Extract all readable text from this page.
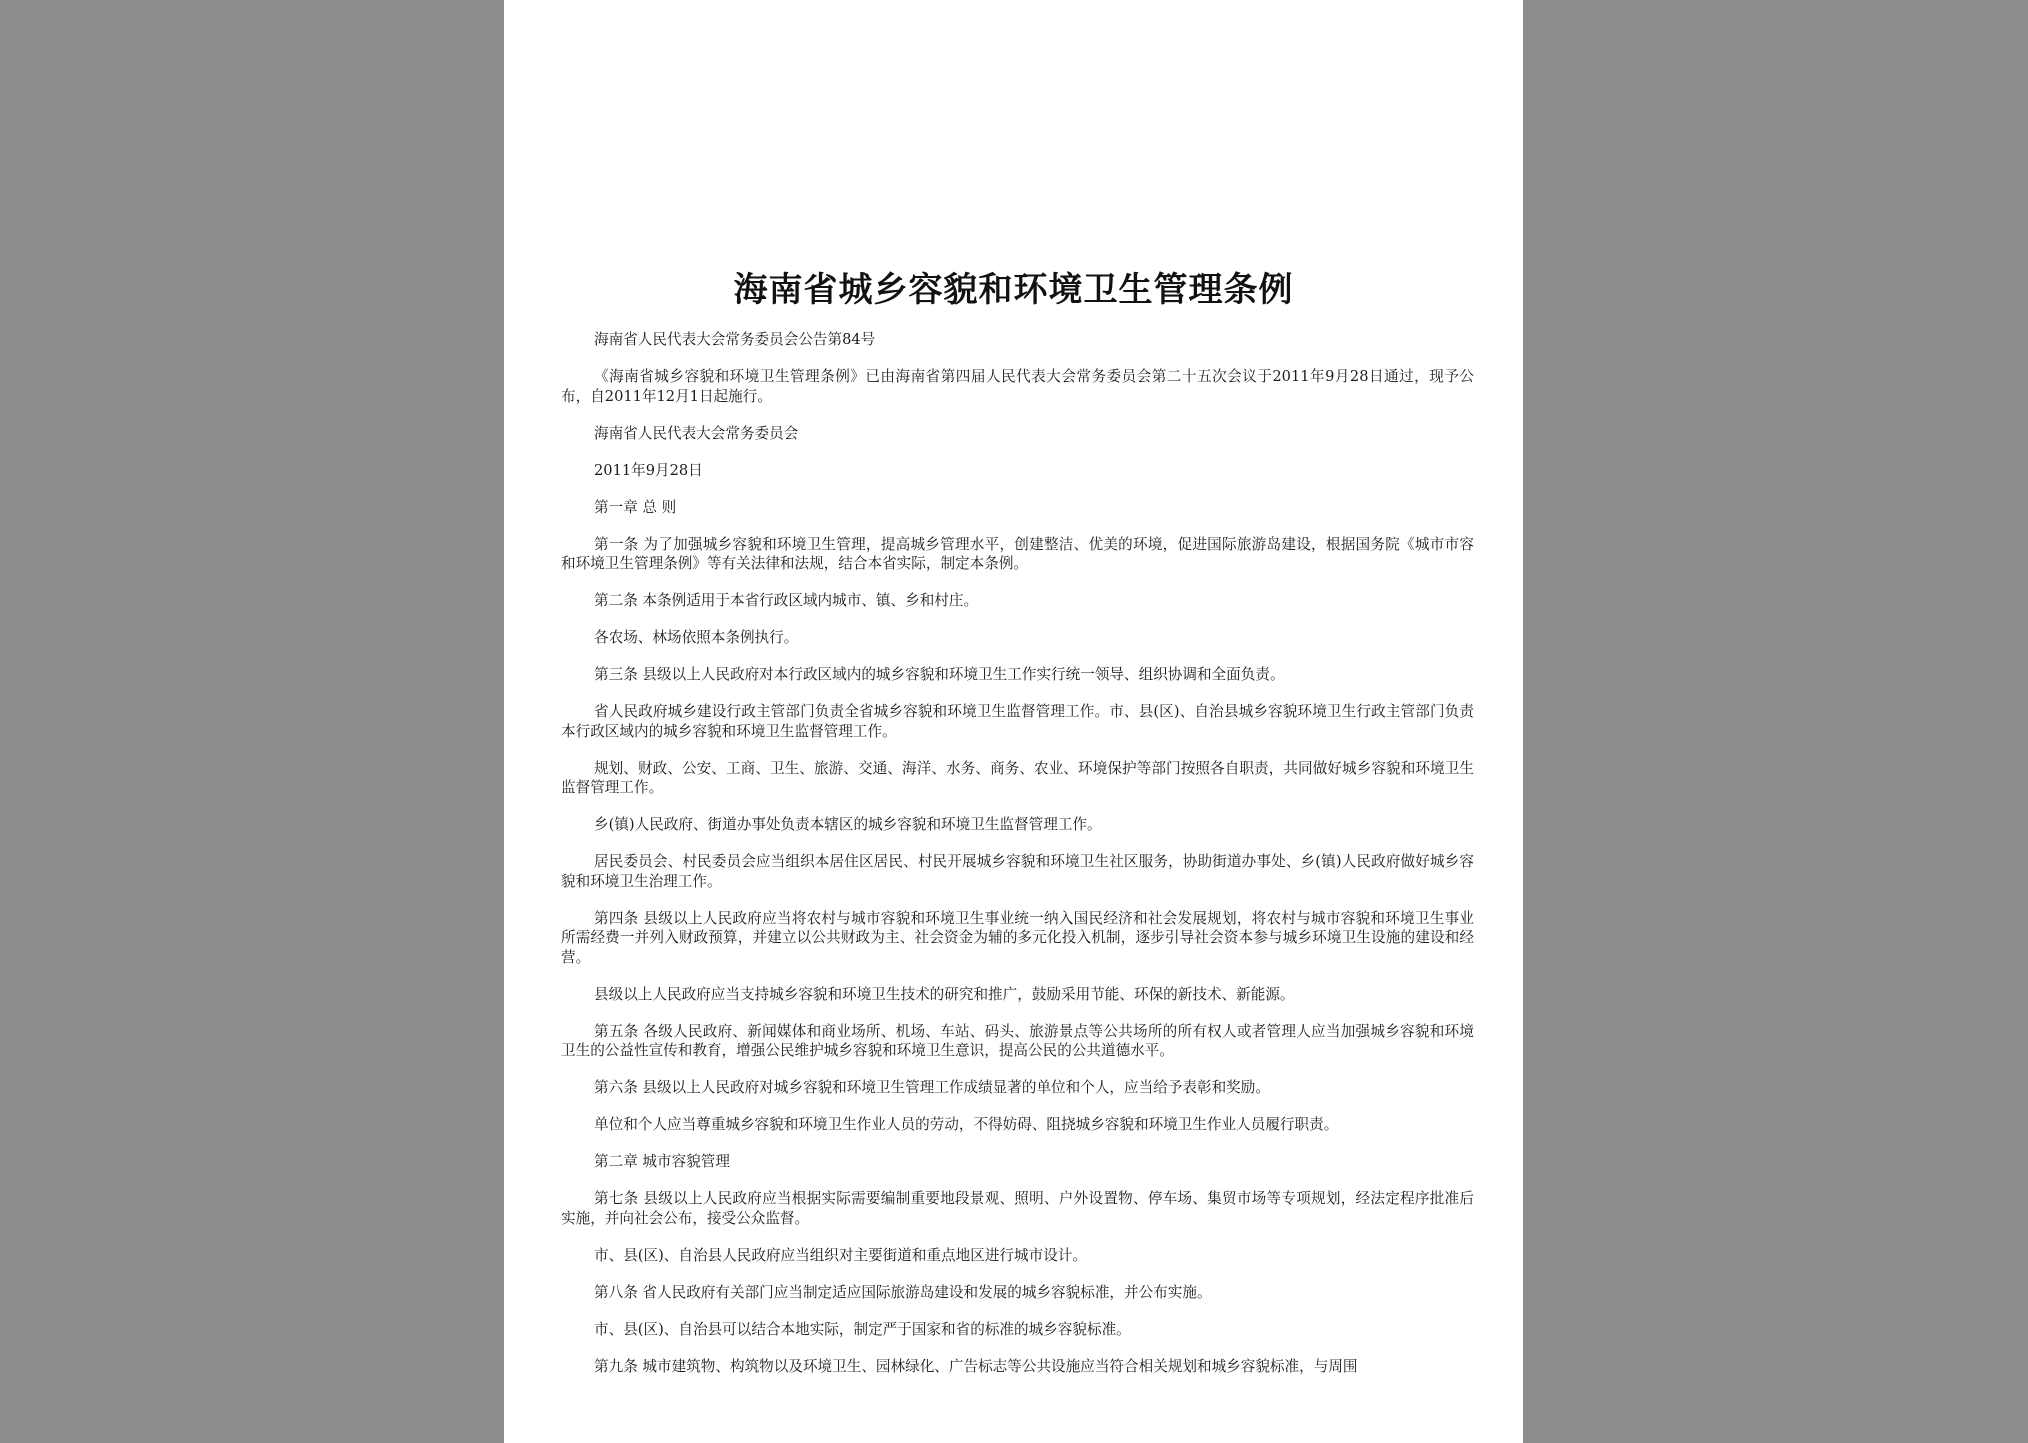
海南省城乡容貌和环境卫生管理条例

海南省人民代表大会常务委员会公告第84号

《海南省城乡容貌和环境卫生管理条例》已由海南省第四届人民代表大会常务委员会第二十五次会议于2011年9月28日通过，现予公布，自2011年12月1日起施行。

海南省人民代表大会常务委员会

2011年9月28日

第一章 总 则

第一条 为了加强城乡容貌和环境卫生管理，提高城乡管理水平，创建整洁、优美的环境，促进国际旅游岛建设，根据国务院《城市市容和环境卫生管理条例》等有关法律和法规，结合本省实际，制定本条例。

第二条 本条例适用于本省行政区域内城市、镇、乡和村庄。

各农场、林场依照本条例执行。

第三条 县级以上人民政府对本行政区域内的城乡容貌和环境卫生工作实行统一领导、组织协调和全面负责。

省人民政府城乡建设行政主管部门负责全省城乡容貌和环境卫生监督管理工作。市、县(区)、自治县城乡容貌环境卫生行政主管部门负责本行政区域内的城乡容貌和环境卫生监督管理工作。

规划、财政、公安、工商、卫生、旅游、交通、海洋、水务、商务、农业、环境保护等部门按照各自职责，共同做好城乡容貌和环境卫生监督管理工作。

乡(镇)人民政府、街道办事处负责本辖区的城乡容貌和环境卫生监督管理工作。

居民委员会、村民委员会应当组织本居住区居民、村民开展城乡容貌和环境卫生社区服务，协助街道办事处、乡(镇)人民政府做好城乡容貌和环境卫生治理工作。

第四条 县级以上人民政府应当将农村与城市容貌和环境卫生事业统一纳入国民经济和社会发展规划，将农村与城市容貌和环境卫生事业所需经费一并列入财政预算，并建立以公共财政为主、社会资金为辅的多元化投入机制，逐步引导社会资本参与城乡环境卫生设施的建设和经营。

县级以上人民政府应当支持城乡容貌和环境卫生技术的研究和推广，鼓励采用节能、环保的新技术、新能源。

第五条 各级人民政府、新闻媒体和商业场所、机场、车站、码头、旅游景点等公共场所的所有权人或者管理人应当加强城乡容貌和环境卫生的公益性宣传和教育，增强公民维护城乡容貌和环境卫生意识，提高公民的公共道德水平。

第六条 县级以上人民政府对城乡容貌和环境卫生管理工作成绩显著的单位和个人，应当给予表彰和奖励。

单位和个人应当尊重城乡容貌和环境卫生作业人员的劳动，不得妨碍、阻挠城乡容貌和环境卫生作业人员履行职责。

第二章 城市容貌管理

第七条 县级以上人民政府应当根据实际需要编制重要地段景观、照明、户外设置物、停车场、集贸市场等专项规划，经法定程序批准后实施，并向社会公布，接受公众监督。

市、县(区)、自治县人民政府应当组织对主要街道和重点地区进行城市设计。

第八条 省人民政府有关部门应当制定适应国际旅游岛建设和发展的城乡容貌标准，并公布实施。

市、县(区)、自治县可以结合本地实际，制定严于国家和省的标准的城乡容貌标准。

第九条 城市建筑物、构筑物以及环境卫生、园林绿化、广告标志等公共设施应当符合相关规划和城乡容貌标准，与周围
